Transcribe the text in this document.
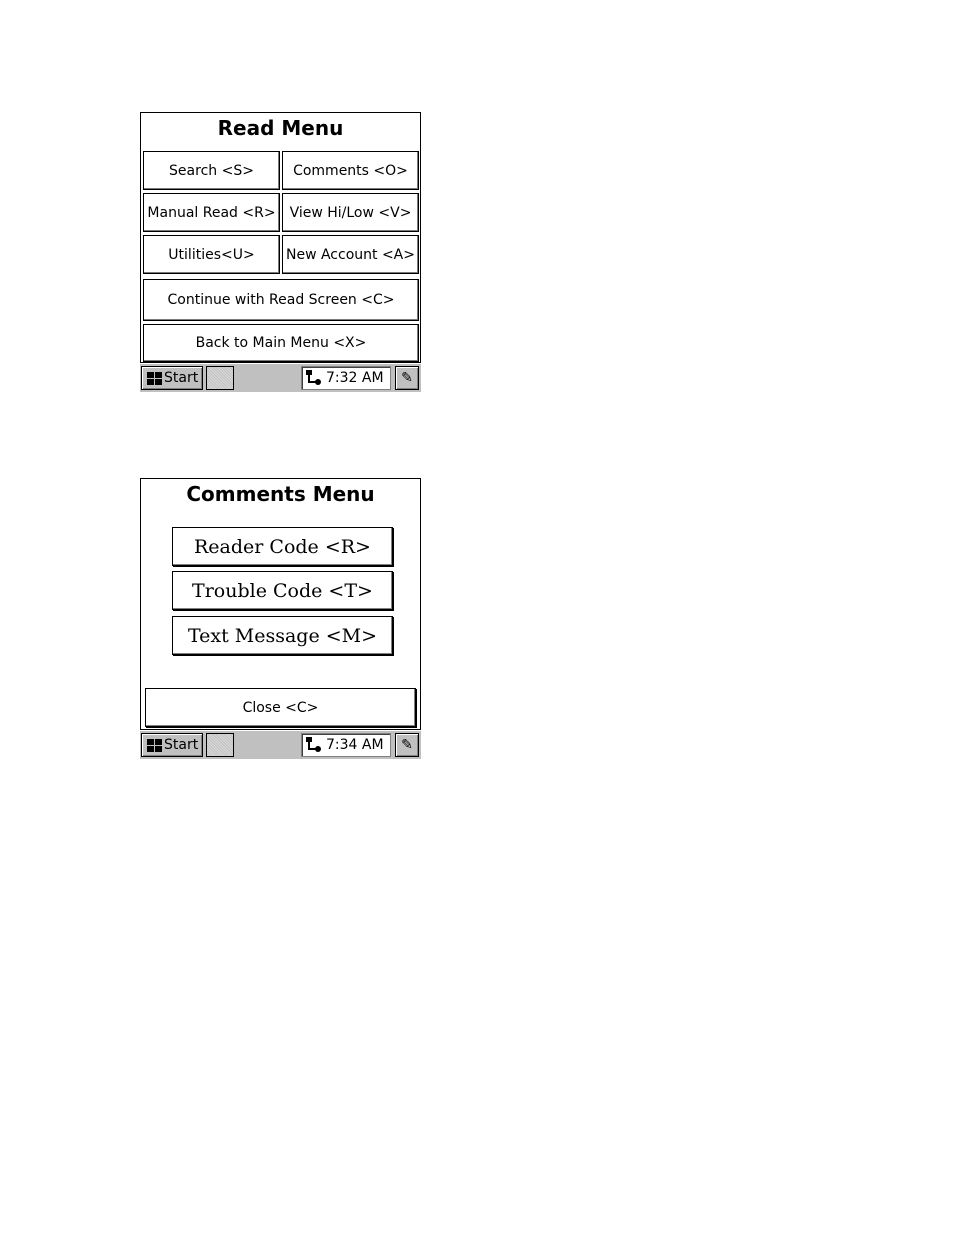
Read Menu
Search <S>	Comments <O>
Manual Read <R>	View Hi/Low <V>
Utilities<U>	New Account <A>
Continue with Read Screen <C>
Back to Main Menu <X>
Start	7:32 AM	✎
Comments Menu
Reader Code <R>
Trouble Code <T>
Text Message <M>
Close <C>
Start	7:34 AM	✎
